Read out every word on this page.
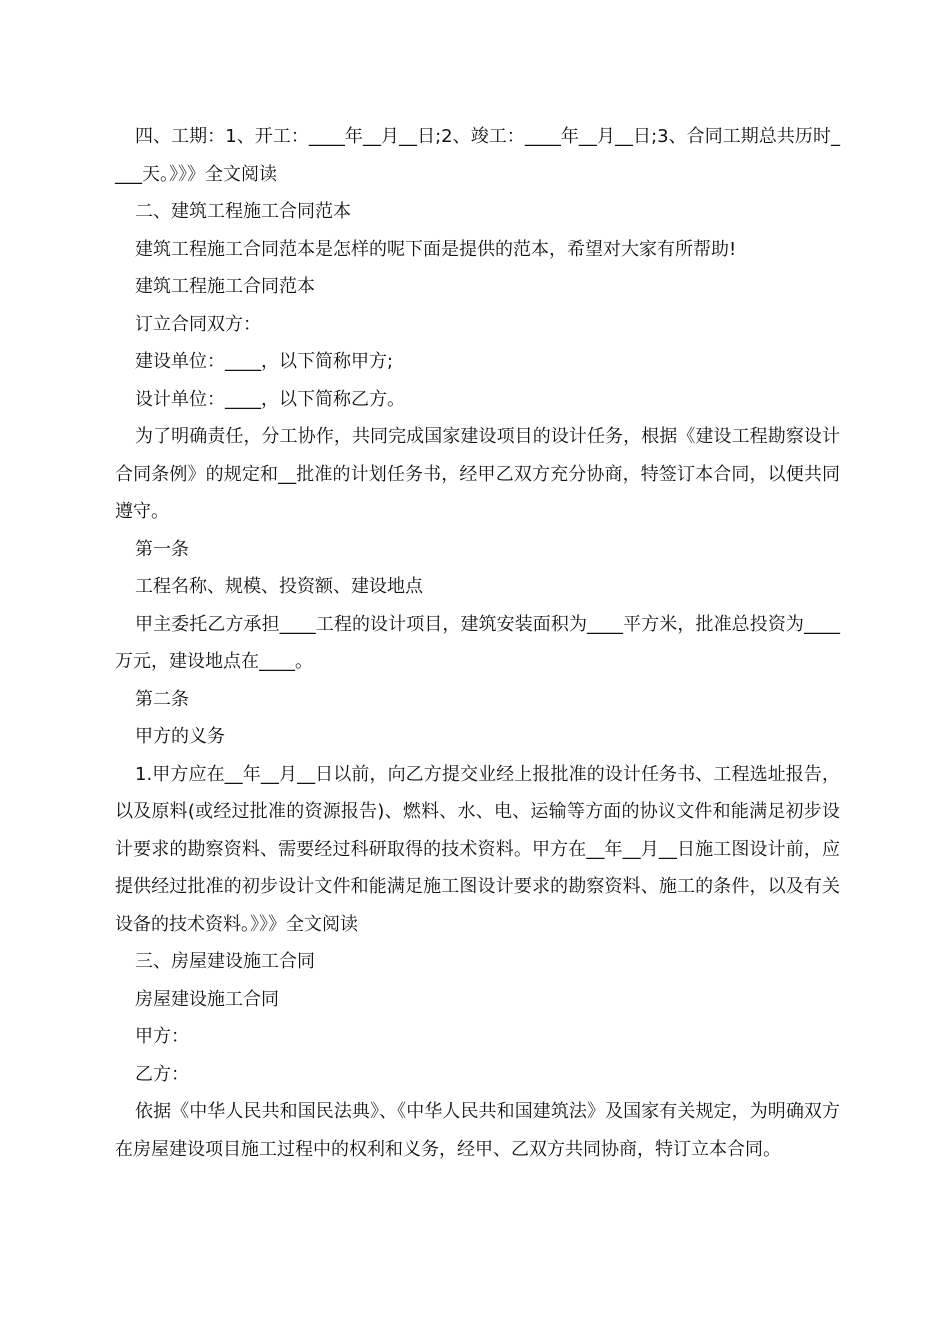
四、工期：1、开工：____年__月__日;2、竣工：____年__月__日;3、合同工期总共历时____天。》》》全文阅读

二、建筑工程施工合同范本

建筑工程施工合同范本是怎样的呢下面是提供的范本，希望对大家有所帮助!

建筑工程施工合同范本

订立合同双方：

建设单位：____，以下简称甲方;

设计单位：____，以下简称乙方。

为了明确责任，分工协作，共同完成国家建设项目的设计任务，根据《建设工程勘察设计合同条例》的规定和__批准的计划任务书，经甲乙双方充分协商，特签订本合同，以便共同遵守。

第一条

工程名称、规模、投资额、建设地点

甲主委托乙方承担____工程的设计项目，建筑安装面积为____平方米，批准总投资为____万元，建设地点在____。

第二条

甲方的义务

1.甲方应在__年__月__日以前，向乙方提交业经上报批准的设计任务书、工程选址报告，以及原料(或经过批准的资源报告)、燃料、水、电、运输等方面的协议文件和能满足初步设计要求的勘察资料、需要经过科研取得的技术资料。甲方在__年__月__日施工图设计前，应提供经过批准的初步设计文件和能满足施工图设计要求的勘察资料、施工的条件，以及有关设备的技术资料。》》》全文阅读

三、房屋建设施工合同

房屋建设施工合同

甲方：

乙方：

依据《中华人民共和国民法典》、《中华人民共和国建筑法》及国家有关规定，为明确双方在房屋建设项目施工过程中的权利和义务，经甲、乙双方共同协商，特订立本合同。
